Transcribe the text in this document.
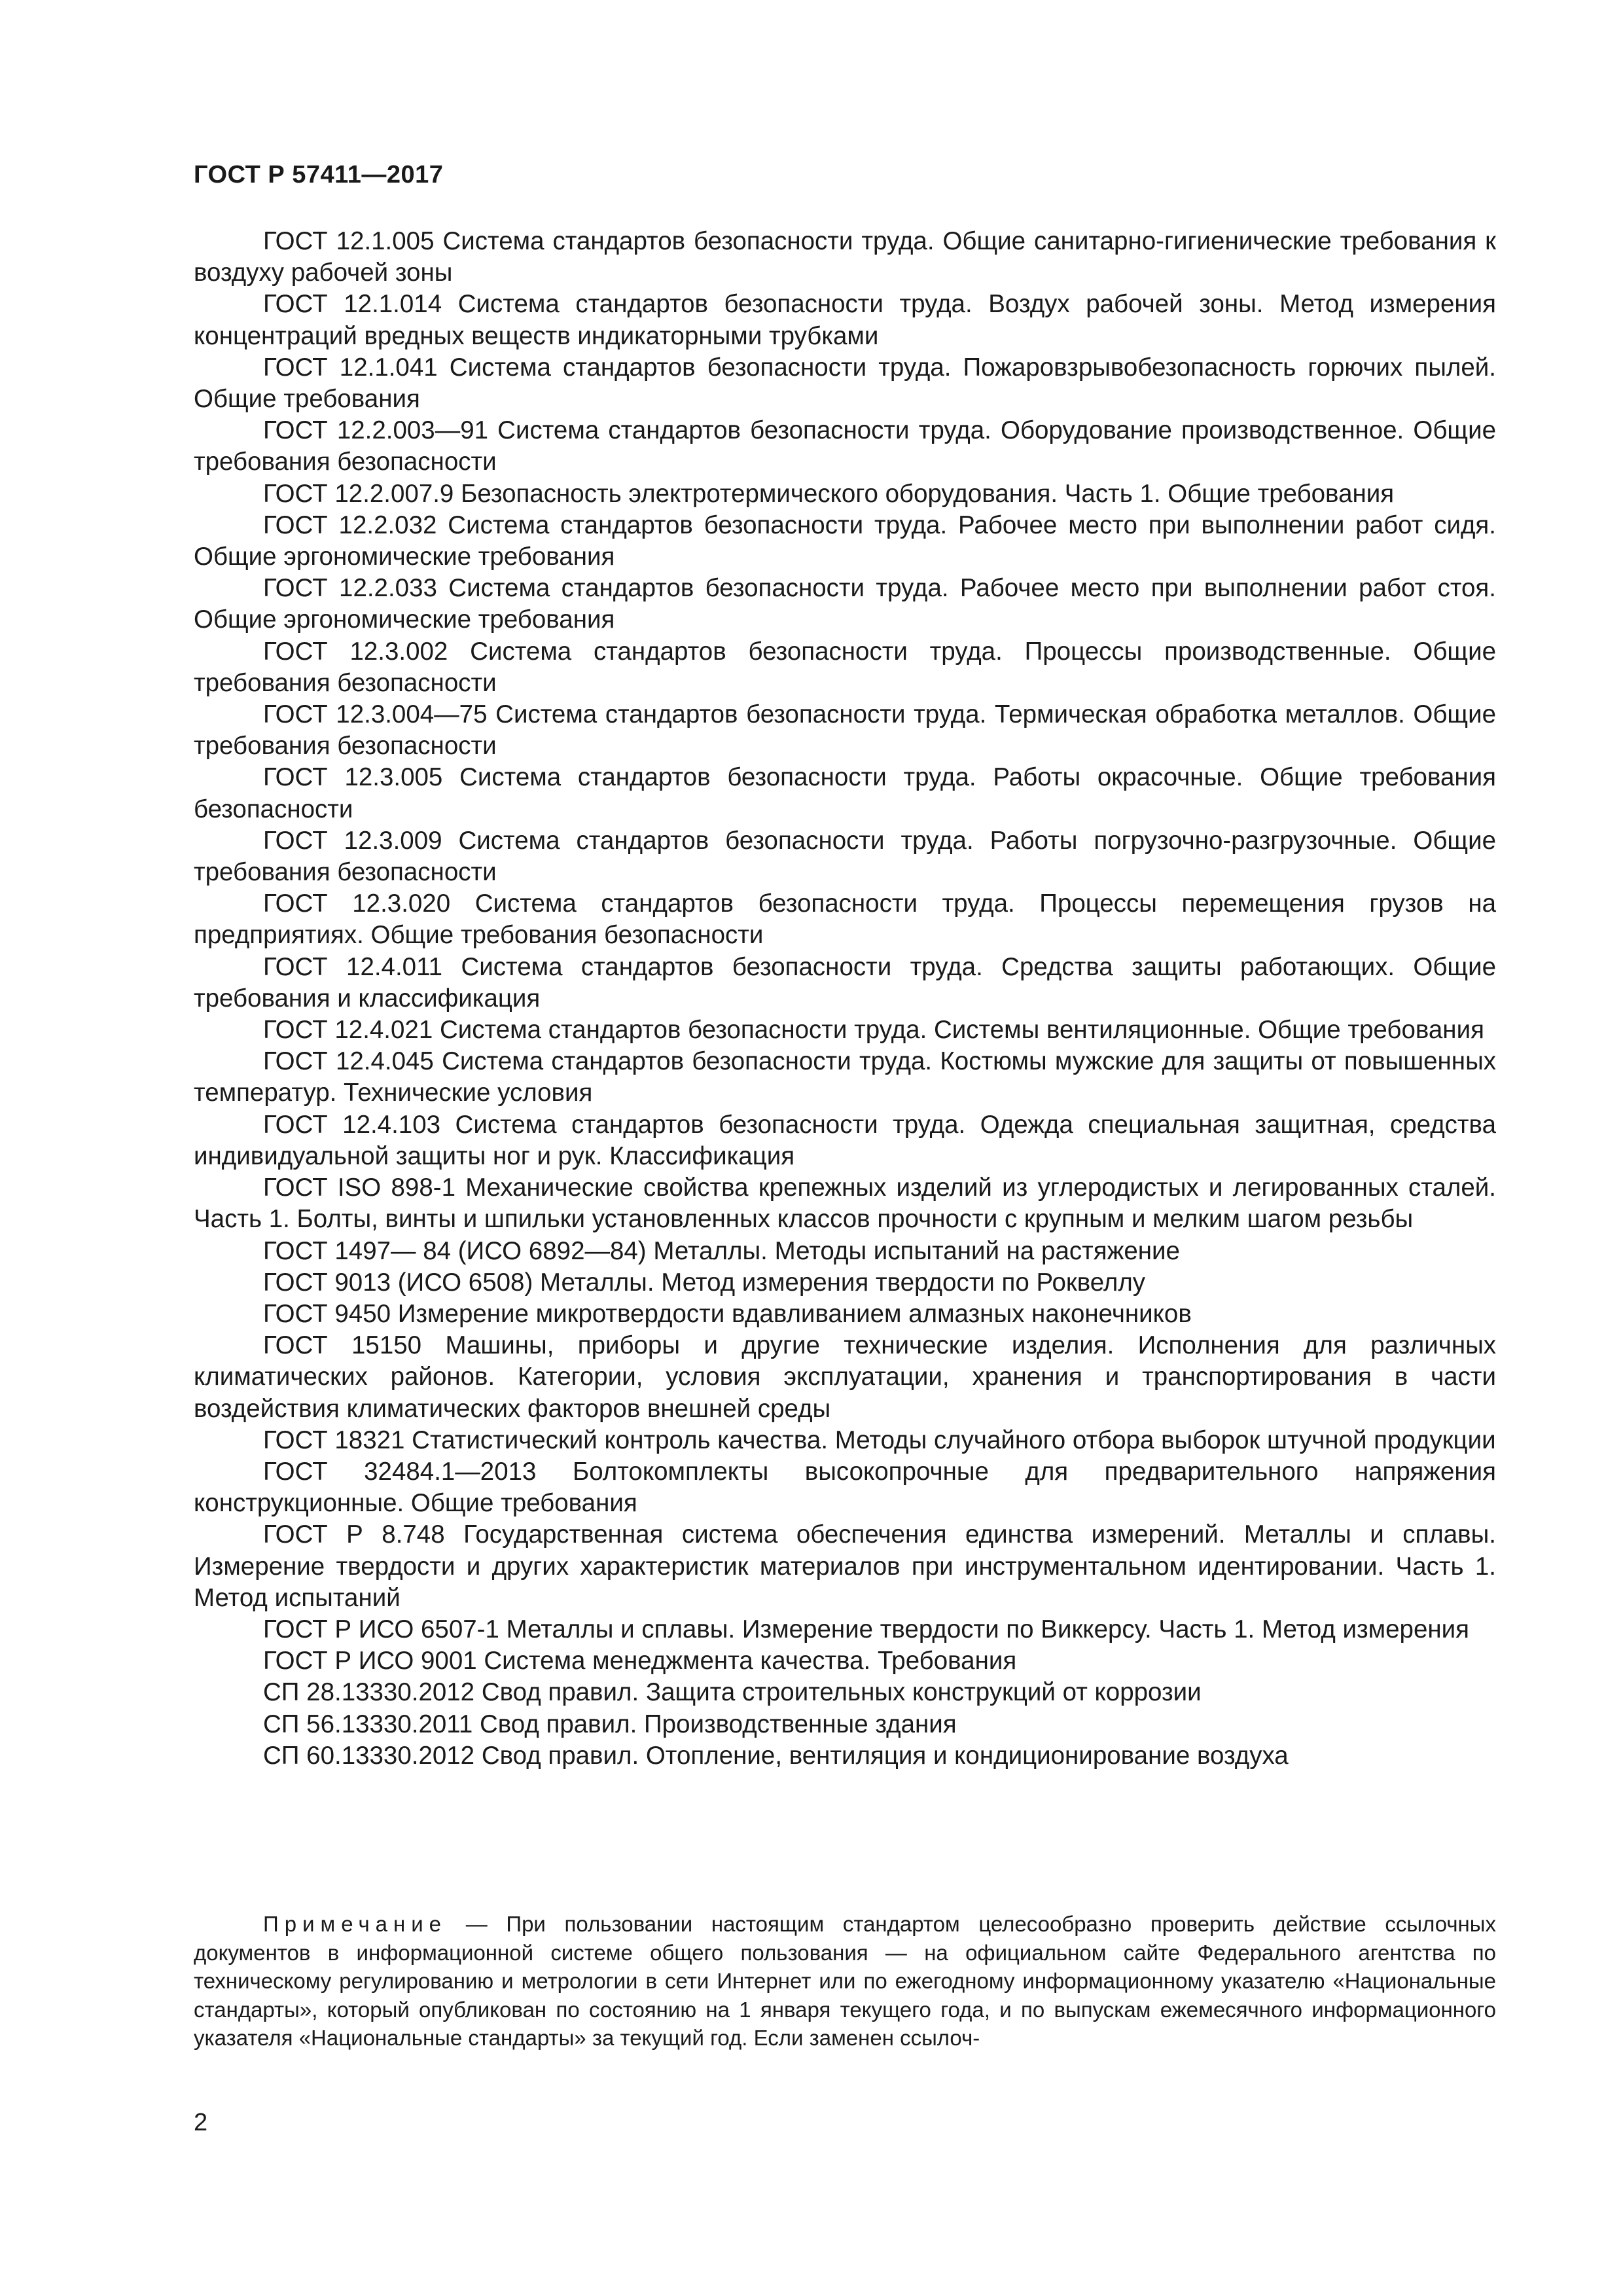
ГОСТ Р 57411—2017

ГОСТ 12.1.005 Система стандартов безопасности труда. Общие санитарно-гигиенические требования к воздуху рабочей зоны

ГОСТ 12.1.014 Система стандартов безопасности труда. Воздух рабочей зоны. Метод измерения концентраций вредных веществ индикаторными трубками

ГОСТ 12.1.041 Система стандартов безопасности труда. Пожаровзрывобезопасность горючих пылей. Общие требования

ГОСТ 12.2.003—91 Система стандартов безопасности труда. Оборудование производственное. Общие требования безопасности

ГОСТ 12.2.007.9 Безопасность электротермического оборудования. Часть 1. Общие требования

ГОСТ 12.2.032 Система стандартов безопасности труда. Рабочее место при выполнении работ сидя. Общие эргономические требования

ГОСТ 12.2.033 Система стандартов безопасности труда. Рабочее место при выполнении работ стоя. Общие эргономические требования

ГОСТ 12.3.002 Система стандартов безопасности труда. Процессы производственные. Общие требования безопасности

ГОСТ 12.3.004—75 Система стандартов безопасности труда. Термическая обработка металлов. Общие требования безопасности

ГОСТ 12.3.005 Система стандартов безопасности труда. Работы окрасочные. Общие требования безопасности

ГОСТ 12.3.009 Система стандартов безопасности труда. Работы погрузочно-разгрузочные. Общие требования безопасности

ГОСТ 12.3.020 Система стандартов безопасности труда. Процессы перемещения грузов на предприятиях. Общие требования безопасности

ГОСТ 12.4.011 Система стандартов безопасности труда. Средства защиты работающих. Общие требования и классификация

ГОСТ 12.4.021 Система стандартов безопасности труда. Системы вентиляционные. Общие требования

ГОСТ 12.4.045 Система стандартов безопасности труда. Костюмы мужские для защиты от повышенных температур. Технические условия

ГОСТ 12.4.103 Система стандартов безопасности труда. Одежда специальная защитная, средства индивидуальной защиты ног и рук. Классификация

ГОСТ ISO 898-1 Механические свойства крепежных изделий из углеродистых и легированных сталей. Часть 1. Болты, винты и шпильки установленных классов прочности с крупным и мелким шагом резьбы

ГОСТ 1497— 84 (ИСО 6892—84) Металлы. Методы испытаний на растяжение

ГОСТ 9013 (ИСО 6508) Металлы. Метод измерения твердости по Роквеллу

ГОСТ 9450 Измерение микротвердости вдавливанием алмазных наконечников

ГОСТ 15150 Машины, приборы и другие технические изделия. Исполнения для различных климатических районов. Категории, условия эксплуатации, хранения и транспортирования в части воздействия климатических факторов внешней среды

ГОСТ 18321 Статистический контроль качества. Методы случайного отбора выборок штучной продукции

ГОСТ 32484.1—2013 Болтокомплекты высокопрочные для предварительного напряжения конструкционные. Общие требования

ГОСТ Р 8.748 Государственная система обеспечения единства измерений. Металлы и сплавы. Измерение твердости и других характеристик материалов при инструментальном идентировании. Часть 1. Метод испытаний

ГОСТ Р ИСО 6507-1 Металлы и сплавы. Измерение твердости по Виккерсу. Часть 1. Метод измерения

ГОСТ Р ИСО 9001 Система менеджмента качества. Требования

СП 28.13330.2012 Свод правил. Защита строительных конструкций от коррозии

СП 56.13330.2011 Свод правил. Производственные здания

СП 60.13330.2012 Свод правил. Отопление, вентиляция и кондиционирование воздуха

Примечание — При пользовании настоящим стандартом целесообразно проверить действие ссылочных документов в информационной системе общего пользования — на официальном сайте Федерального агентства по техническому регулированию и метрологии в сети Интернет или по ежегодному информационному указателю «Национальные стандарты», который опубликован по состоянию на 1 января текущего года, и по выпускам ежемесячного информационного указателя «Национальные стандарты» за текущий год. Если заменен ссылоч-

2
